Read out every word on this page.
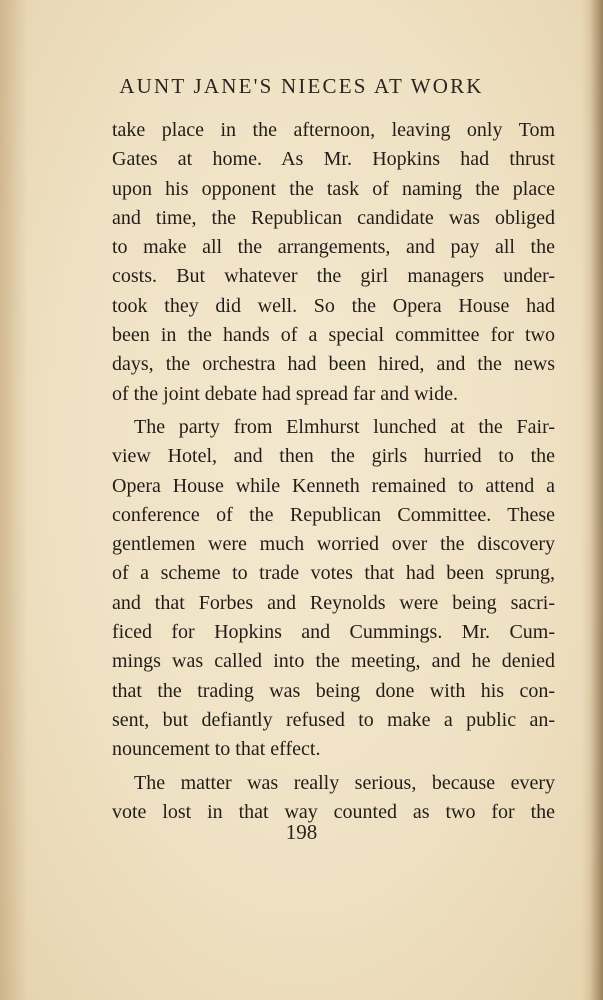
AUNT JANE'S NIECES AT WORK

take place in the afternoon, leaving only Tom
Gates at home. As Mr. Hopkins had thrust
upon his opponent the task of naming the place
and time, the Republican candidate was obliged
to make all the arrangements, and pay all the
costs. But whatever the girl managers under-
took they did well. So the Opera House had
been in the hands of a special committee for two
days, the orchestra had been hired, and the news
of the joint debate had spread far and wide.

The party from Elmhurst lunched at the Fair-
view Hotel, and then the girls hurried to the
Opera House while Kenneth remained to attend a
conference of the Republican Committee. These
gentlemen were much worried over the discovery
of a scheme to trade votes that had been sprung,
and that Forbes and Reynolds were being sacri-
ficed for Hopkins and Cummings. Mr. Cum-
mings was called into the meeting, and he denied
that the trading was being done with his con-
sent, but defiantly refused to make a public an-
nouncement to that effect.

The matter was really serious, because every
vote lost in that way counted as two for the

198
